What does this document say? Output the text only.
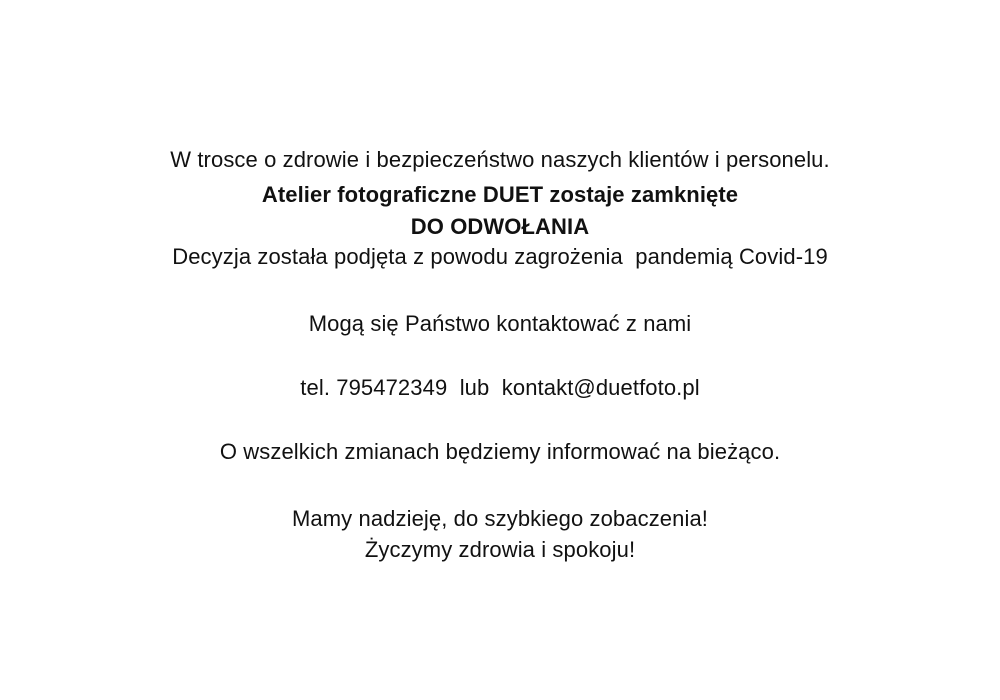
W trosce o zdrowie i bezpieczeństwo naszych klientów i personelu.
Atelier fotograficzne DUET zostaje zamknięte
DO ODWOŁANIA
Decyzja została podjęta z powodu zagrożenia  pandemią Covid-19
Mogą się Państwo kontaktować z nami
tel. 795472349  lub  kontakt@duetfoto.pl
O wszelkich zmianach będziemy informować na bieżąco.
Mamy nadzieję, do szybkiego zobaczenia!
Życzymy zdrowia i spokoju!
